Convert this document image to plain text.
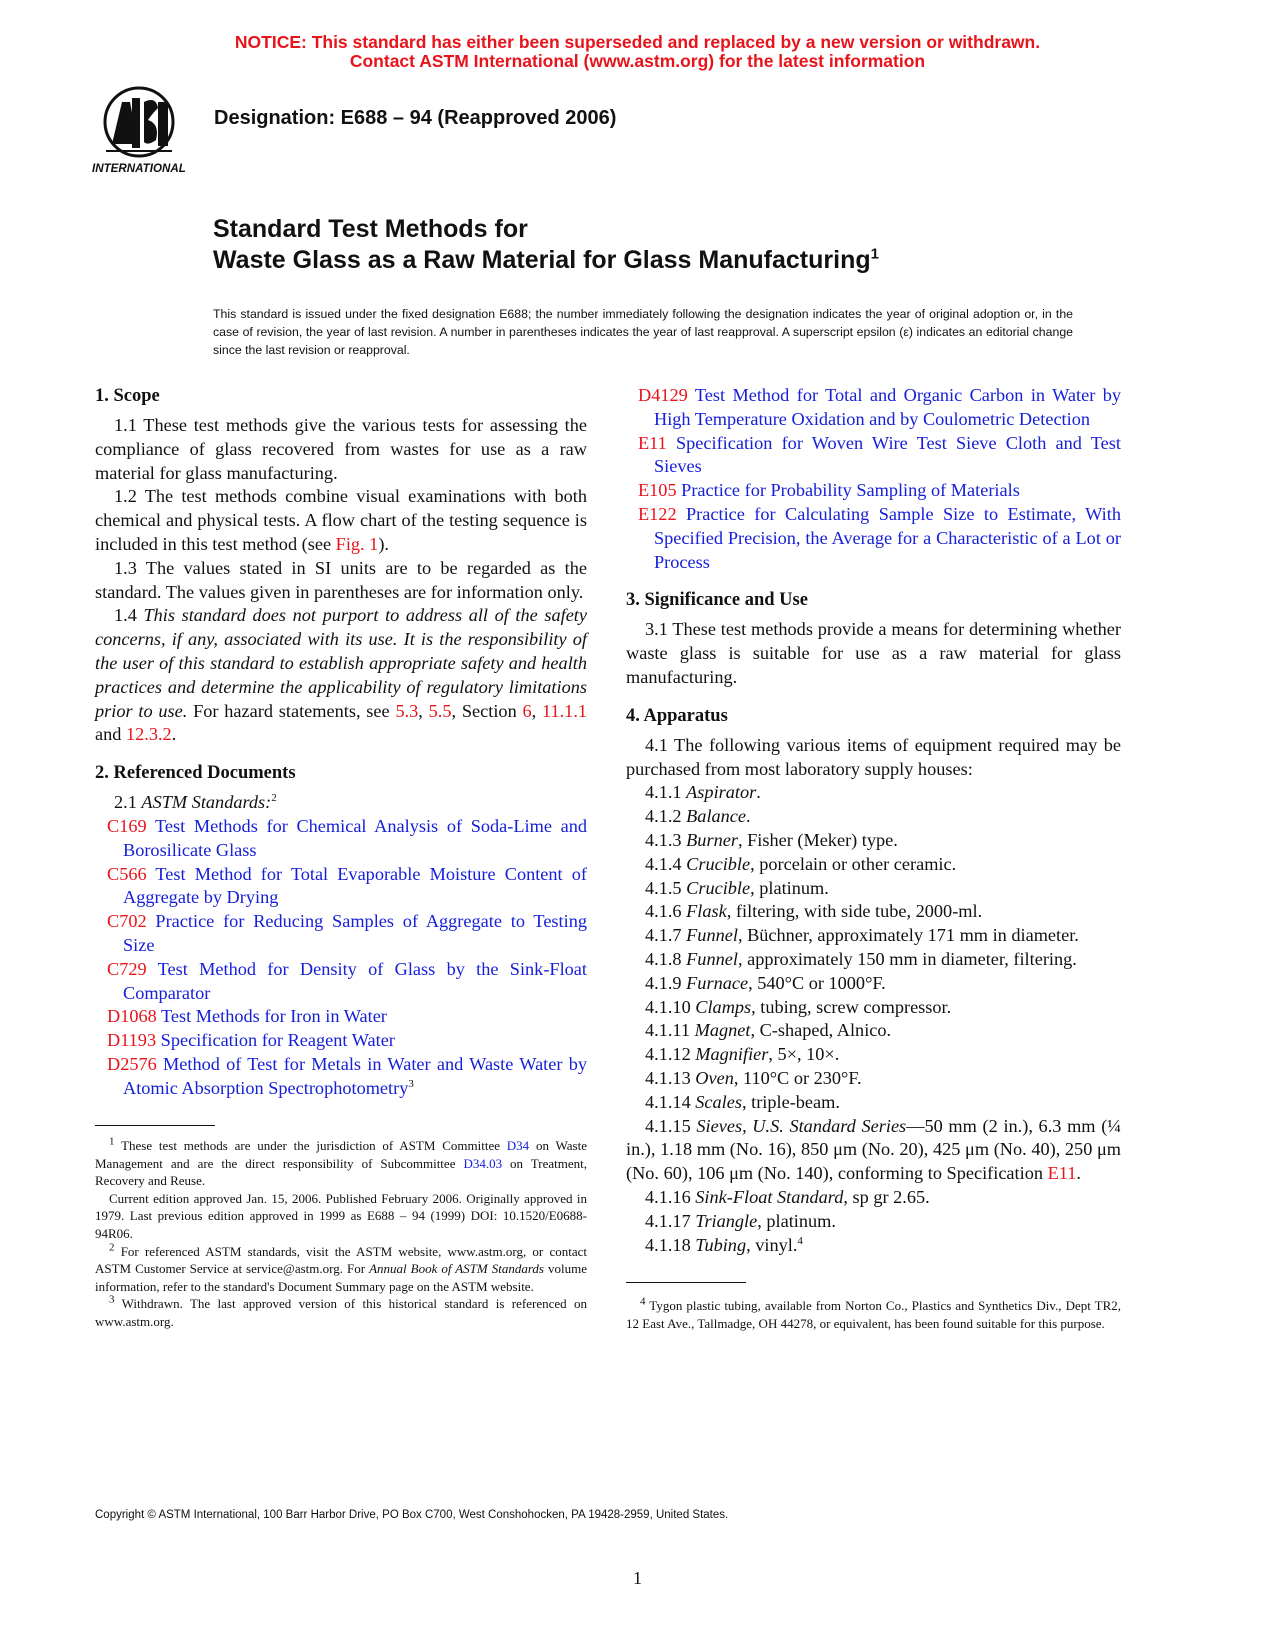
NOTICE: This standard has either been superseded and replaced by a new version or withdrawn.
Contact ASTM International (www.astm.org) for the latest information
INTERNATIONAL
Designation: E688 – 94 (Reapproved 2006)
Standard Test Methods for
Waste Glass as a Raw Material for Glass Manufacturing$^1$
This standard is issued under the fixed designation E688; the number immediately following the designation indicates the year of original adoption or, in the case of revision, the year of last revision. A number in parentheses indicates the year of last reapproval. A superscript epsilon (ε) indicates an editorial change since the last revision or reapproval.
1. Scope

1.1 These test methods give the various tests for assessing the compliance of glass recovered from wastes for use as a raw material for glass manufacturing.

1.2 The test methods combine visual examinations with both chemical and physical tests. A flow chart of the testing sequence is included in this test method (see Fig. 1).

1.3 The values stated in SI units are to be regarded as the standard. The values given in parentheses are for information only.

1.4 This standard does not purport to address all of the safety concerns, if any, associated with its use. It is the responsibility of the user of this standard to establish appropriate safety and health practices and determine the applicability of regulatory limitations prior to use. For hazard statements, see 5.3, 5.5, Section 6, 11.1.1 and 12.3.2.

2. Referenced Documents

2.1 ASTM Standards:$^2$

C169 Test Methods for Chemical Analysis of Soda-Lime and Borosilicate Glass

C566 Test Method for Total Evaporable Moisture Content of Aggregate by Drying

C702 Practice for Reducing Samples of Aggregate to Testing Size

C729 Test Method for Density of Glass by the Sink-Float Comparator

D1068 Test Methods for Iron in Water

D1193 Specification for Reagent Water

D2576 Method of Test for Metals in Water and Waste Water by Atomic Absorption Spectrophotometry$^3$

$^1$ These test methods are under the jurisdiction of ASTM Committee D34 on Waste Management and are the direct responsibility of Subcommittee D34.03 on Treatment, Recovery and Reuse.

Current edition approved Jan. 15, 2006. Published February 2006. Originally approved in 1979. Last previous edition approved in 1999 as E688 – 94 (1999) DOI: 10.1520/E0688-94R06.

$^2$ For referenced ASTM standards, visit the ASTM website, www.astm.org, or contact ASTM Customer Service at service@astm.org. For Annual Book of ASTM Standards volume information, refer to the standard's Document Summary page on the ASTM website.

$^3$ Withdrawn. The last approved version of this historical standard is referenced on www.astm.org.

D4129 Test Method for Total and Organic Carbon in Water by High Temperature Oxidation and by Coulometric Detection

E11 Specification for Woven Wire Test Sieve Cloth and Test Sieves

E105 Practice for Probability Sampling of Materials

E122 Practice for Calculating Sample Size to Estimate, With Specified Precision, the Average for a Characteristic of a Lot or Process

3. Significance and Use

3.1 These test methods provide a means for determining whether waste glass is suitable for use as a raw material for glass manufacturing.

4. Apparatus

4.1 The following various items of equipment required may be purchased from most laboratory supply houses:

4.1.1 Aspirator.

4.1.2 Balance.

4.1.3 Burner, Fisher (Meker) type.

4.1.4 Crucible, porcelain or other ceramic.

4.1.5 Crucible, platinum.

4.1.6 Flask, filtering, with side tube, 2000-ml.

4.1.7 Funnel, Büchner, approximately 171 mm in diameter.

4.1.8 Funnel, approximately 150 mm in diameter, filtering.

4.1.9 Furnace, 540°C or 1000°F.

4.1.10 Clamps, tubing, screw compressor.

4.1.11 Magnet, C-shaped, Alnico.

4.1.12 Magnifier, 5×, 10×.

4.1.13 Oven, 110°C or 230°F.

4.1.14 Scales, triple-beam.

4.1.15 Sieves, U.S. Standard Series—50 mm (2 in.), 6.3 mm (¼ in.), 1.18 mm (No. 16), 850 μm (No. 20), 425 μm (No. 40), 250 μm (No. 60), 106 μm (No. 140), conforming to Specification E11.

4.1.16 Sink-Float Standard, sp gr 2.65.

4.1.17 Triangle, platinum.

4.1.18 Tubing, vinyl.$^4$

$^4$ Tygon plastic tubing, available from Norton Co., Plastics and Synthetics Div., Dept TR2, 12 East Ave., Tallmadge, OH 44278, or equivalent, has been found suitable for this purpose.

Copyright © ASTM International, 100 Barr Harbor Drive, PO Box C700, West Conshohocken, PA 19428-2959, United States.
1
